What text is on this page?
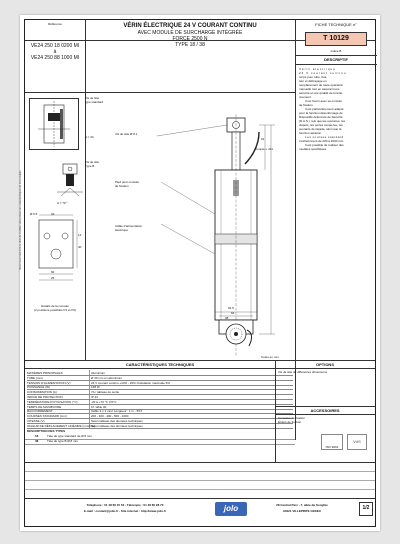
Référence
VE24 250 18 0200 MI
à
VE24 250 88 1000 MI
VÉRIN ÉLECTRIQUE 24 V COURANT CONTINU
AVEC MODULE DE SURCHARGE INTÉGRÉE
FORCE 2500 N
TYPE 18 / 38
FICHE TECHNIQUE n°
T 10129
indice B
DESCRIPTIF

Vérin électrique

24 V courant continu

corps pour tube, fixa-

teur et débrayage en

remplacement de toute opération

manuelle tout en assurant une

sécurité et une qualité de fonctio-

nnement.

Il est fourni avec sa console

de fixation.

Il est particulièrement adapté

pour la fonction désenfumage de

Dispositifs Actionnés de Sécurité

(D.A.S.), tels que les exutoires, les

clapets, les portes coupe-feu, les

ouvrants de façade, ainsi que la

fonction aération.

Les courses standard

s'échelonnent de 200 à 1000 mm.

Il est possible de réaliser des

modèles spécifiques.

Vis de tête
type standard
A = 34
Vis de tête
Type B
A = 70 °
Ø 6.5	32
14
40
60
25
Détails de la console
(2 positions possibles P1 et P2)
Nous nous réservons le droit de modifier sans préavis les caractéristiques de nos produits
Vis de tête Ø 8.1
Pied pour console
de fixation
Câble d'alimentation
électrique
Course + 411
61
91.5
64
38
Cotes en mm
CARACTÉRISTIQUES TECHNIQUES
MATIÈRES PRINCIPALES	Aluminium
TUBE (mm)	Ø 40 mm en aluminium
TENSION D'ALIMENTATION (V)	24 V courant continu +10% - 20% Ondulation maximale 5%
PUISSANCE (W)	168 W
CONSOMMATION (A)	7A / tableau de sortie
INDICE DE PROTECTION	IP 44
TEMPÉRATURE D'UTILISATION (°C)	-20 à +70 °C t=5°C
TEMPS DE MANŒUVRE	Cf. table 00
RACCORDEMENT	Câble 2 x 1 mm² Longueur : 1 m - 5ST
COURSES STANDARD (mm)	200 - 300 - 400 - 500 - 1000
VITESSE (V)	Selon tableau des données techniques
VALEUR DE DÉPLACEMENT LINÉAIRE (mm/min)
Selon tableau des données techniques
DESCRIPTION DES TYPES
18	Tête de type standard de Ø 8 mm
38	Tête de type B Ø 8 mm
OPTIONS
Vis de tête de différentes dimensions
ACCESSOIRES
Consoles de fixation
Étriers de fixation
ISO 9001
VdS
Téléphone : 01 48 60 15 53 - Télécopie : 01 48 60 28 73
E-mail : contact@jolio.fr - Site internet : http://www.jolio.fr	jolo	28 Central Parc - 7, allée du Songhie
93421 VILLEPINTE CEDEX	1/2
